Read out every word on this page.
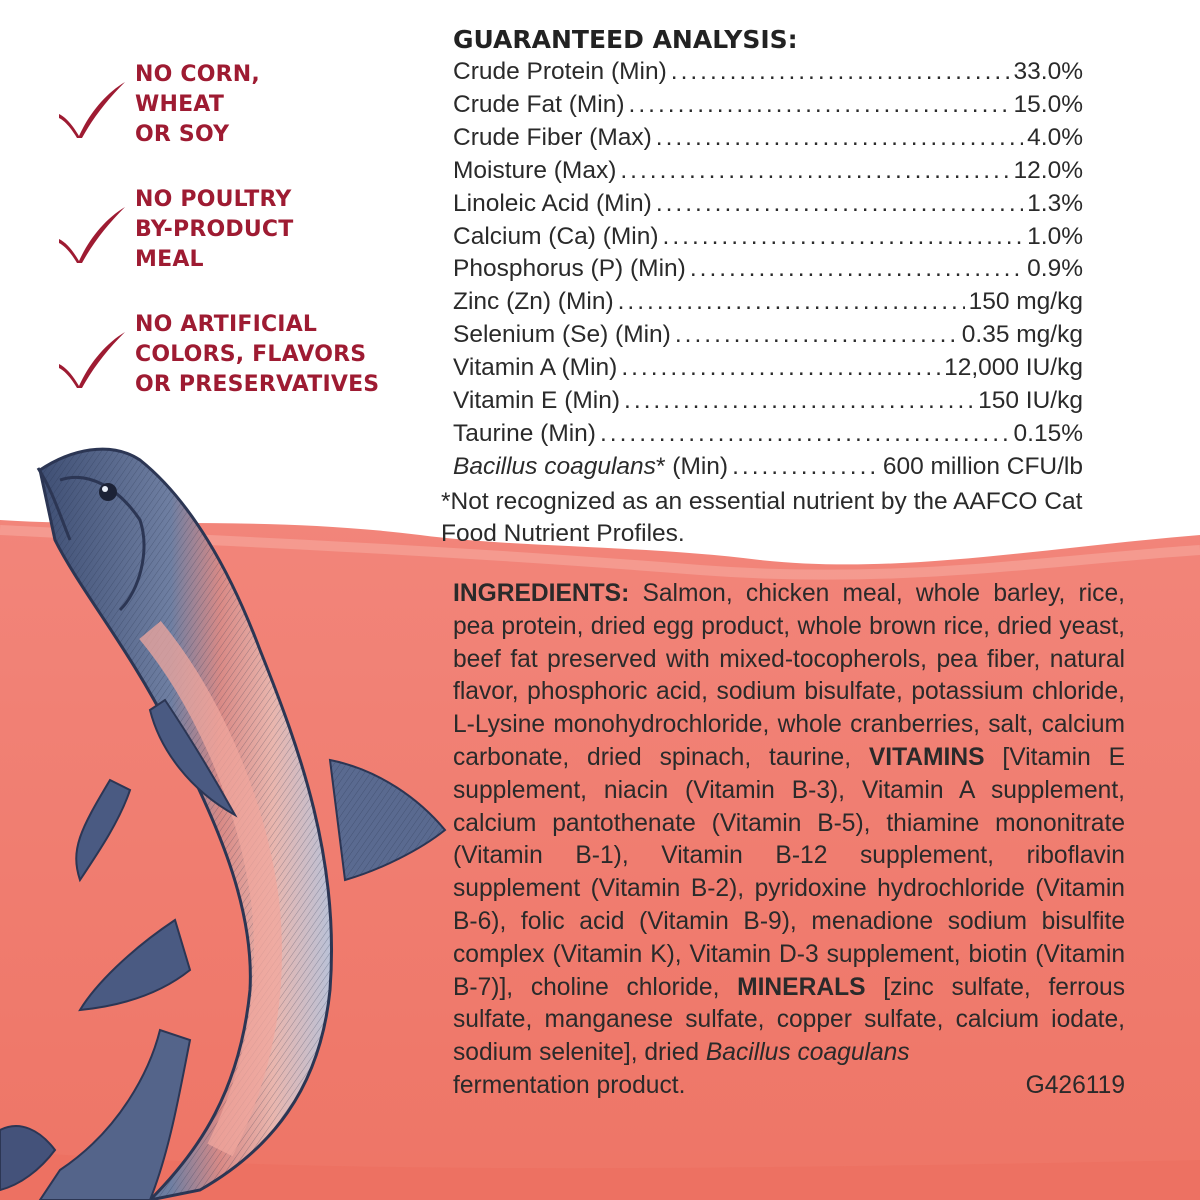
NO CORN,
WHEAT
OR SOY
NO POULTRY
BY-PRODUCT
MEAL
NO ARTIFICIAL
COLORS, FLAVORS
OR PRESERVATIVES
GUARANTEED ANALYSIS:
Crude Protein (Min) .....	33.0%
Crude Fat (Min) .....	15.0%
Crude Fiber (Max) .....	4.0%
Moisture (Max) .....	12.0%
Linoleic Acid (Min) .....	1.3%
Calcium (Ca) (Min) .....	1.0%
Phosphorus (P) (Min) .....	0.9%
Zinc (Zn) (Min) .....	150 mg/kg
Selenium (Se) (Min) .....	0.35 mg/kg
Vitamin A (Min) .....	12,000 IU/kg
Vitamin E (Min) .....	150 IU/kg
Taurine (Min) .....	0.15%
Bacillus coagulans* (Min) .....	600 million CFU/lb
*Not recognized as an essential nutrient by the AAFCO Cat Food Nutrient Profiles.
INGREDIENTS: Salmon, chicken meal, whole barley, rice, pea protein, dried egg product, whole brown rice, dried yeast, beef fat preserved with mixed-tocopherols, pea fiber, natural flavor, phosphoric acid, sodium bisulfate, potassium chloride, L-Lysine monohydrochloride, whole cranberries, salt, calcium carbonate, dried spinach, taurine, VITAMINS [Vitamin E supplement, niacin (Vitamin B-3), Vitamin A supplement, calcium pantothenate (Vitamin B-5), thiamine mononitrate (Vitamin B-1), Vitamin B-12 supplement, riboflavin supplement (Vitamin B-2), pyridoxine hydrochloride (Vitamin B-6), folic acid (Vitamin B-9), menadione sodium bisulfite complex (Vitamin K), Vitamin D-3 supplement, biotin (Vitamin B-7)], choline chloride, MINERALS [zinc sulfate, ferrous sulfate, manganese sulfate, copper sulfate, calcium iodate, sodium selenite], dried Bacillus coagulans
fermentation product.	G426119
